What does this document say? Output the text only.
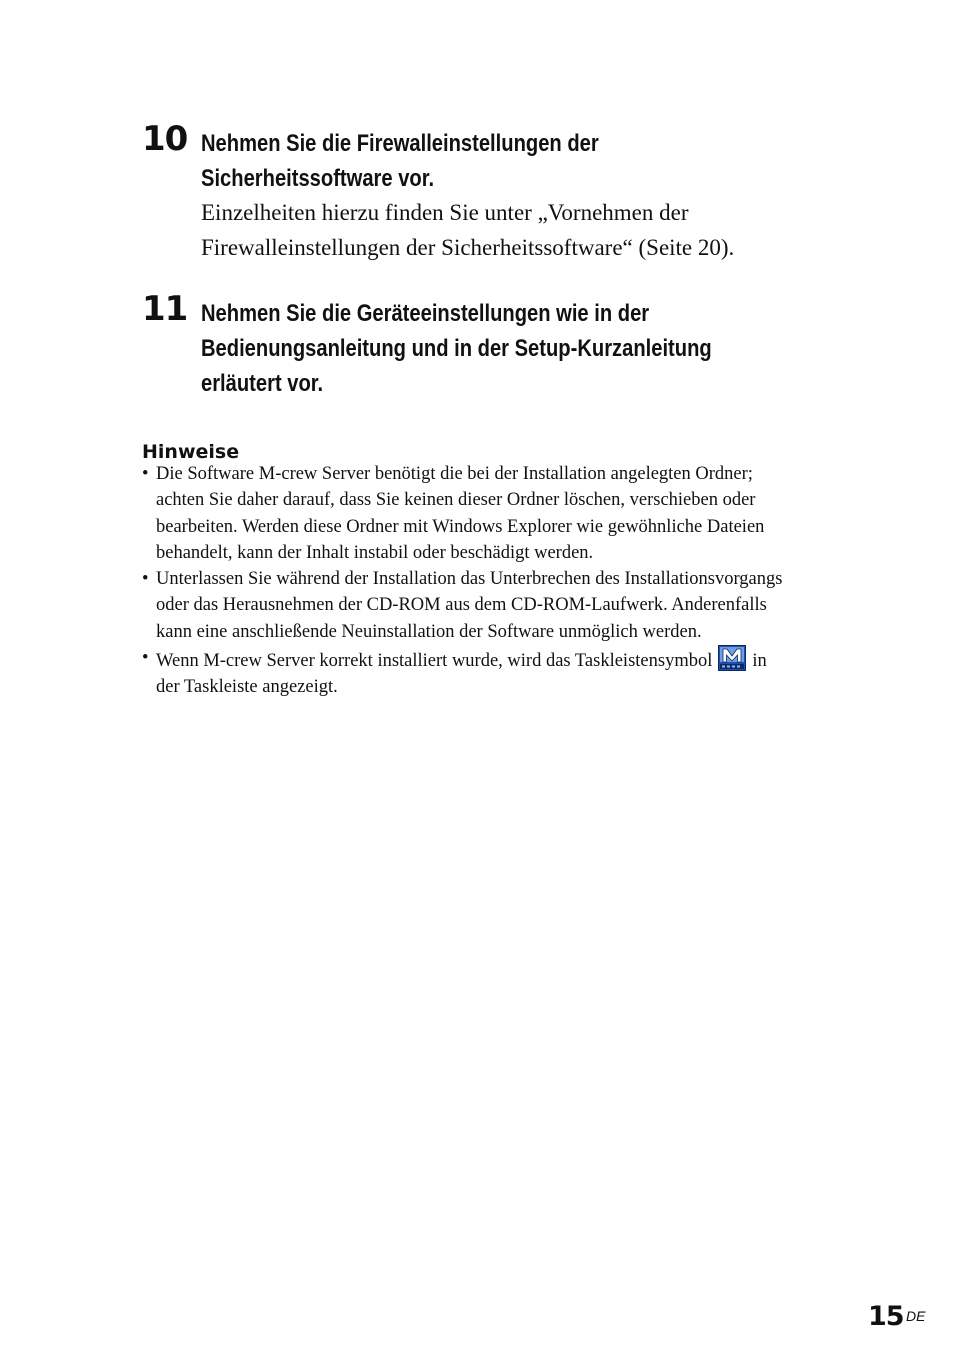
10 Nehmen Sie die Firewalleinstellungen der
Sicherheitssoftware vor.
Einzelheiten hierzu finden Sie unter „Vornehmen der
Firewalleinstellungen der Sicherheitssoftware“ (Seite 20).
11 Nehmen Sie die Geräteeinstellungen wie in der
Bedienungsanleitung und in der Setup-Kurzanleitung
erläutert vor.
Hinweise
• Die Software M-crew Server benötigt die bei der Installation angelegten Ordner;
achten Sie daher darauf, dass Sie keinen dieser Ordner löschen, verschieben oder
bearbeiten. Werden diese Ordner mit Windows Explorer wie gewöhnliche Dateien
behandelt, kann der Inhalt instabil oder beschädigt werden.
• Unterlassen Sie während der Installation das Unterbrechen des Installationsvorgangs
oder das Herausnehmen der CD-ROM aus dem CD-ROM-Laufwerk. Anderenfalls
kann eine anschließende Neuinstallation der Software unmöglich werden.
• Wenn M-crew Server korrekt installiert wurde, wird das Taskleistensymbol in
der Taskleiste angezeigt.
15 DE
